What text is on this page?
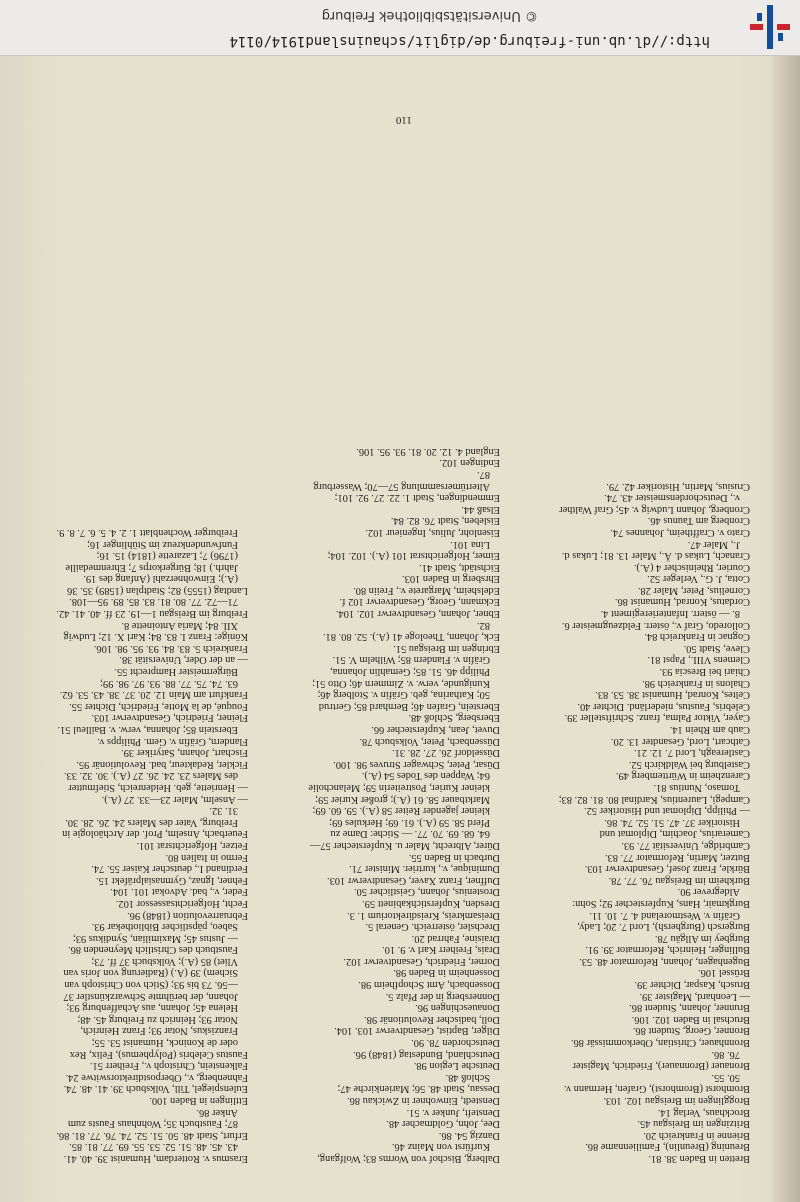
http://dl.ub.uni-freiburg.de/diglit/schauinsland1914/0114
© Universitätsbibliothek Freiburg

Bretten in Baden 38. 81.

Breuning (Breunlin), Familienname 86.

Brienne in Frankreich 20.

Britzingen im Breisgau 45.

Brockhaus, Verlag 14.

Brogglingen im Breisgau 102. 103.

Bromhorst (Bromhorst), Grafen, Hermann v. 50. 55.

Bronauer (Bronnauer), Friedrich, Magister 76. 86.

Bronnhauer, Christian, Oberkommissär 86.

Bronner, Georg, Student 86.

Bruchsal in Baden 102. 106.

Brunner, Johann, Student 86.

— Leonhard, Magister 39.

Brusch, Kaspar, Dichter 39.

Brüssel 106.

Bugenhagen, Johann, Reformator 48. 53.

Bullinger, Heinrich, Reformator 39. 91.

Burgbey im Allgäu 78.

Burgersch (Burghersh), Lord 7. 20; Lady, Gräfin v. Westmoreland 4. 7. 10. 11.

Burgkmair, Hans, Kupferstecher 92; Sohn: Aldegrever 90.

Burkheim im Breisgau 76. 77. 78.

Bürkle, Franz Josef, Gesandtverwr 103.

Butzer, Martin, Reformator 77. 83.

Cambridge, Universität 77. 93.

Camerarius, Joachim, Diplomat und Historiker 37. 47. 51. 52. 74. 86.

— Philipp, Diplomat und Historiker 52.

Campegi, Laurentius, Kardinal 80. 81. 82. 83; Tomaso, Nuntius 81.

Carenzheim in Württemberg 49.

Castelburg bei Waldkirch 52.

Castlereagh, Lord 7. 12. 21.

Cathcart, Lord, Gesandter 13. 20.

Caub am Rhein 14.

Cayer, Viktor Palma, franz. Schriftsteller 39.

Celebris, Faustus, niederländ. Dichter 40.

Celtes, Konrad, Humanist 38. 53. 83.

Chalons in Frankreich 98.

Chiari bei Brescia 93.

Clemens VIII., Papst 81.

Cleve, Stadt 50.

Cognac in Frankreich 84.

Colloredo, Graf v., österr. Feldzeugmeister 6. 8. — österr. Infanterieregiment 4.

Cordatus, Konrad, Humanist 86.

Cornelius, Peter, Maler 28.

Cotta, J. G., Verleger 52.

Courier, Rheinischer 4 (A.).

Cranach, Lukas d. Ä., Maler 13. 81; Lukas d. J., Maler 47.

Crato v. Crafftheim, Johannes 74.

Cronberg am Taunus 46.

Cronberg, Johann Ludwig v. 45; Graf Walther v., Deutschordensmeister 43. 74.

Crusius, Martin, Historiker 42. 79.

Dalberg, Bischof von Worms 83; Wolfgang, Kurfürst von Mainz 46.

Danzig 54. 86.

Dee, John, Goldmacher 48.

Densteft, Junker v. 51.

Denstedt, Einwohner in Zwickau 86.

Dessau, Stadt 48. 56; Marienkirche 47; Schloß 48.

Deutsche Legion 98.

Deutschland, Bundestag (1848) 96.

Deutschorden 78. 90.

Dilger, Baptist, Gesandtverwr 103. 104.

Doll, badischer Revolutionär 98.

Donaueschingen 96.

Donnersberg in der Pfalz 5.

Dossenbach, Amt Schopfheim 98.

Dossenheim in Baden 98.

Dorner, Friedrich, Gesandtverwr 102.

Drais, Freiherr Karl v. 9. 10.

Draisine, Fahrrad 20.

Drechsler, österreich. General 5.

Dreisamkreis, Kreisdirektorium 1. 3.

Dresden, Kupferstichkabinett 59.

Drostenius, Johann, Geistlicher 50.

Duffner, Franz Xaver, Gesandtverwr 103.

Duminique, v., kurtrier. Minister 71.

Durbach in Baden 55.

Dürer, Albrecht, Maler u. Kupferstecher 57—64. 68. 69. 70. 77. — Stiche: Dame zu Pferd 58. 59 (A.). 61. 69; Herkules 69; kleiner jagender Reiter 58 (A.). 59. 60. 69; Marktbauer 58. 61 (A.); großer Kurier 59; kleiner Kurier, Postreiterin 59; Melancholie 64; Wappen des Todes 54 (A.).

Düsar, Peter, Schwager Struves 98. 100.

Düsseldorf 26. 27. 28. 31.

Düssenbach, Peter, Volksbuch 78.

Duvet, Jean, Kupferstecher 66.

Ebersberg, Schloß 48.

Eberstein, Grafen 46; Bernhard 85; Gertrud 50; Katharina, geb. Gräfin v. Stolberg 46; Kunigunde, verw. v. Zimmern 46; Otto 51; Philipp 46. 51. 85; Gemahlin Johanna, Gräfin v. Flandern 85; Wilhelm V. 51.

Ebringen im Breisgau 51.

Eck, Johann, Theologe 41 (A.). 52. 80. 81. 82.

Ebner, Johann, Gesandtverwr 102. 104.

Eckmann, Georg, Gesandtverwr 102 f.

Edelsheim, Margarete v., Freiin 80.

Ehrsberg in Baden 103.

Eichstädt, Stadt 41.

Eimer, Hofgerichtsrat 101 (A.). 102. 104; Lina 101.

Eisenlohr, Julius, Ingenieur 102.

Eisleben, Stadt 76. 82. 84.

Elsaß 44.

Emmendingen, Stadt 1. 22. 27. 92. 101; Altertümersammlung 57—70; Wasserburg 87.

Endingen 102.

England 4. 12. 20. 81. 93. 95. 106.

Erasmus v. Rotterdam, Humanist 39. 40. 41. 43. 45. 48. 51. 52. 53. 55. 69. 77. 81. 85.

Erfurt, Stadt 48. 50. 51. 52. 74. 76. 77. 81. 86. 87; Faustbuch 35; Wohnhaus Fausts zum Anker 86.

Ettlingen in Baden 100.

Eulenspiegel, Till, Volksbuch 39. 41. 48. 74.

Fahnenberg, v., Oberpostdirektorswitwe 24.

Falkenstein, Christoph v., Freiherr 51.

Faustus Celebris (Polyphemus), Felix, Rex oder de Koninck, Humanist 53. 55; Franziskus, Notar 93; Franz Heinrich, Notar 93; Heinrich zu Freiburg 45. 48; Helena 45; Johann, aus Achaffenburg 93; Johann, der berühmte Schwarzkünstler 37—56. 73 bis 93; (Stich von Christoph van Sichem) 39 (A.) (Radierung von Joris van Vliet) 85 (A.); Volksbuch 37 ff. 73; Faustbuch des Christlich Meynenden 86. — Justus 45; Maximilian, Syndikus 93; Sabeo, päpstlicher Bibliothekar 93.

Februarrevolution (1848) 96.

Fecht, Hofgerichtsassessor 102.

Feder, v., bad. Advokat 101. 104.

Fehner, Ignaz, Gymnasialpräfekt 15.

Ferdinand I., deutscher Kaiser 55. 74.

Fermo in Italien 80.

Fetzer, Hofgerichtsrat 101.

Feuerbach, Anselm, Prof. der Archäologie in Freiburg, Vater des Malers 24. 26. 28. 30. 31. 32.

— Anselm, Maler 23—33. 27 (A.).

— Henriette, geb. Heidenreich, Stiefmutter des Malers 23. 24. 26. 27 (A.). 30. 32. 33.

Fickler, Redakteur, bad. Revolutionär 95.

Fischart, Johann, Satyriker 39.

Flandern, Gräfin v. Gem. Philipps v. Eberstein 85; Johanna, verw. v. Bailleul 51.

Fleiner, Friedrich, Gesandtverwr 103.

Fouqué, de la Motte, Friedrich, Dichter 55.

Frankfurt am Main 12. 20. 37. 38. 43. 53. 62. 63. 74. 75. 77. 88. 93. 97. 98. 99; Bürgermeister Hamprecht 55.

— an der Oder, Universität 38.

Frankreich 5. 83. 84. 93. 95. 98. 106.

Könige: Franz I. 83. 84; Karl X. 12; Ludwig XII. 84; Maria Antoinette 8.

Freiburg im Breisgau 1—19. 23 ff. 40. 41. 42. 71—72. 77. 80. 81. 83. 85. 89. 95—108.

Landtag (1555) 82; Stadtplan (1589) 35. 36 (A.); Einwohnerzahl (Anfang des 19. Jahrh.) 18; Bürgerkorps 7; Ehrenmedaille (1796) 7; Lazarette (1814) 15. 16; Funfwundenkreuz im Stühlinger 16; Freiburger Wochenblatt 1. 2. 4. 5. 6. 7. 8. 9.

110
